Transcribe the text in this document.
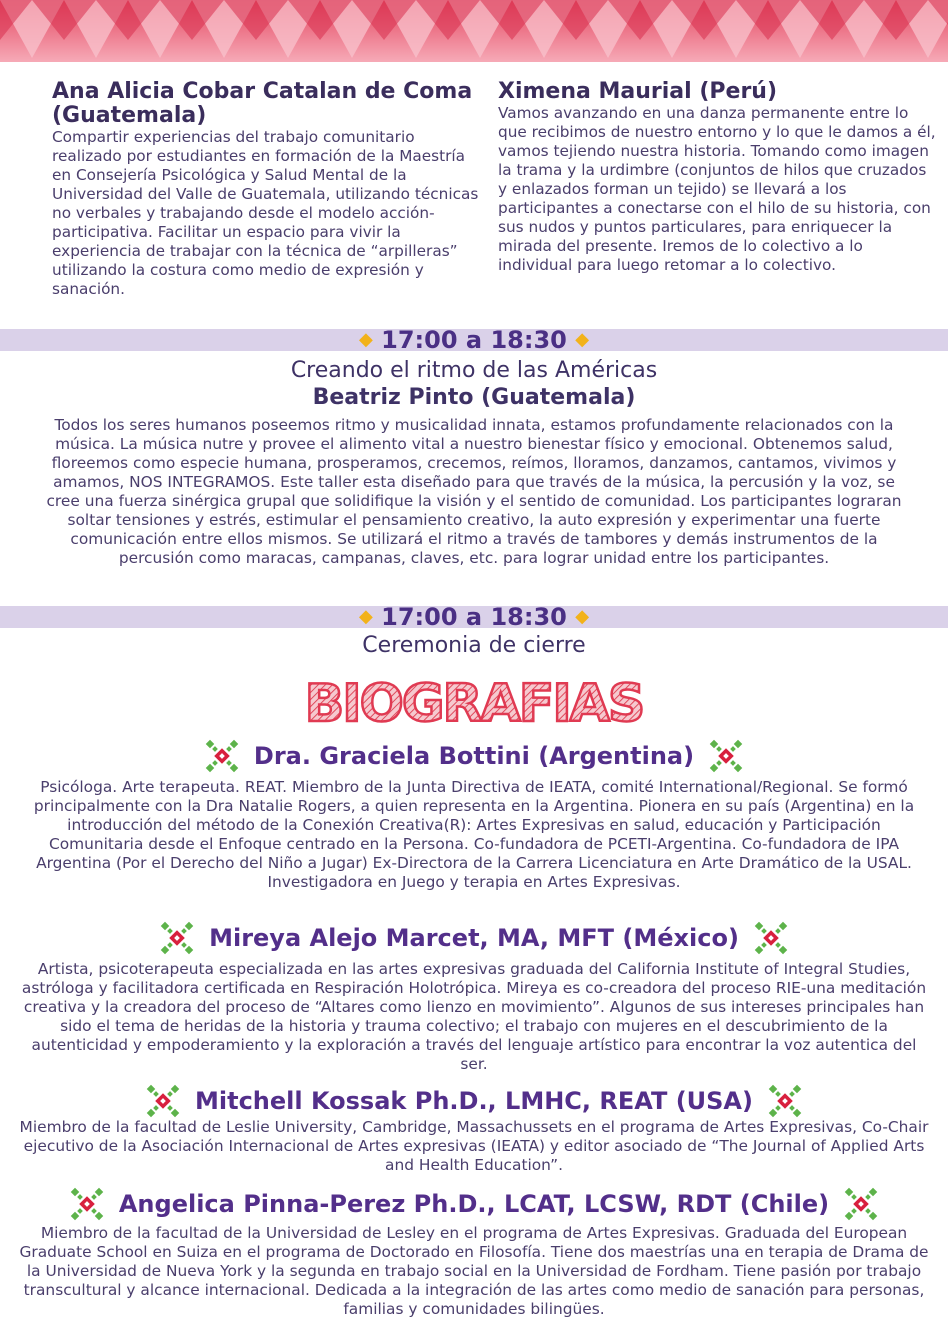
Ana Alicia Cobar Catalan de Coma (Guatemala)

Compartir experiencias del trabajo comunitario realizado por estudiantes en formación de la Maestría en Consejería Psicológica y Salud Mental de la Universidad del Valle de Guatemala, utilizando técnicas no verbales y trabajando desde el modelo acción-participativa. Facilitar un espacio para vivir la experiencia de trabajar con la técnica de “arpilleras” utilizando la costura como medio de expresión y sanación.

Ximena Maurial (Perú)

Vamos avanzando en una danza permanente entre lo que recibimos de nuestro entorno y lo que le damos a él, vamos tejiendo nuestra historia. Tomando como imagen la trama y la urdimbre (conjuntos de hilos que cruzados y enlazados forman un tejido) se llevará a los participantes a conectarse con el hilo de su historia, con sus nudos y puntos particulares, para enriquecer la mirada del presente. Iremos de lo colectivo a lo individual para luego retomar a lo colectivo.

◆ 17:00 a 18:30 ◆
Creando el ritmo de las Américas
Beatriz Pinto (Guatemala)

Todos los seres humanos poseemos ritmo y musicalidad innata, estamos profundamente relacionados con la música. La música nutre y provee el alimento vital a nuestro bienestar físico y emocional. Obtenemos salud, floreemos como especie humana, prosperamos, crecemos, reímos, lloramos, danzamos, cantamos, vivimos y amamos, NOS INTEGRAMOS. Este taller esta diseñado para que través de la música, la percusión y la voz, se cree una fuerza sinérgica grupal que solidifique la visión y el sentido de comunidad. Los participantes lograran soltar tensiones y estrés, estimular el pensamiento creativo, la auto expresión y experimentar una fuerte comunicación entre ellos mismos. Se utilizará el ritmo a través de tambores y demás instrumentos de la percusión como maracas, campanas, claves, etc. para lograr unidad entre los participantes.

◆ 17:00 a 18:30 ◆
Ceremonia de cierre
BIOGRAFIAS
Dra. Graciela Bottini (Argentina)

Psicóloga. Arte terapeuta. REAT. Miembro de la Junta Directiva de IEATA, comité International/Regional. Se formó principalmente con la Dra Natalie Rogers, a quien representa en la Argentina. Pionera en su país (Argentina) en la introducción del método de la Conexión Creativa(R): Artes Expresivas en salud, educación y Participación Comunitaria desde el Enfoque centrado en la Persona. Co-fundadora de PCETI-Argentina. Co-fundadora de IPA Argentina (Por el Derecho del Niño a Jugar) Ex-Directora de la Carrera Licenciatura en Arte Dramático de la USAL. Investigadora en Juego y terapia en Artes Expresivas.

Mireya Alejo Marcet, MA, MFT (México)

Artista, psicoterapeuta especializada en las artes expresivas graduada del California Institute of Integral Studies, astróloga y facilitadora certificada en Respiración Holotrópica. Mireya es co-creadora del proceso RIE-una meditación creativa y la creadora del proceso de “Altares como lienzo en movimiento”. Algunos de sus intereses principales han sido el tema de heridas de la historia y trauma colectivo; el trabajo con mujeres en el descubrimiento de la autenticidad y empoderamiento y la exploración a través del lenguaje artístico para encontrar la voz autentica del ser.

Mitchell Kossak Ph.D., LMHC, REAT (USA)

Miembro de la facultad de Leslie University, Cambridge, Massachussets en el programa de Artes Expresivas, Co-Chair ejecutivo de la Asociación Internacional de Artes expresivas (IEATA) y editor asociado de “The Journal of Applied Arts and Health Education”.

Angelica Pinna-Perez Ph.D., LCAT, LCSW, RDT (Chile)

Miembro de la facultad de la Universidad de Lesley en el programa de Artes Expresivas. Graduada del European Graduate School en Suiza en el programa de Doctorado en Filosofía. Tiene dos maestrías una en terapia de Drama de la Universidad de Nueva York y la segunda en trabajo social en la Universidad de Fordham. Tiene pasión por trabajo transcultural y alcance internacional. Dedicada a la integración de las artes como medio de sanación para personas, familias y comunidades bilingües.
